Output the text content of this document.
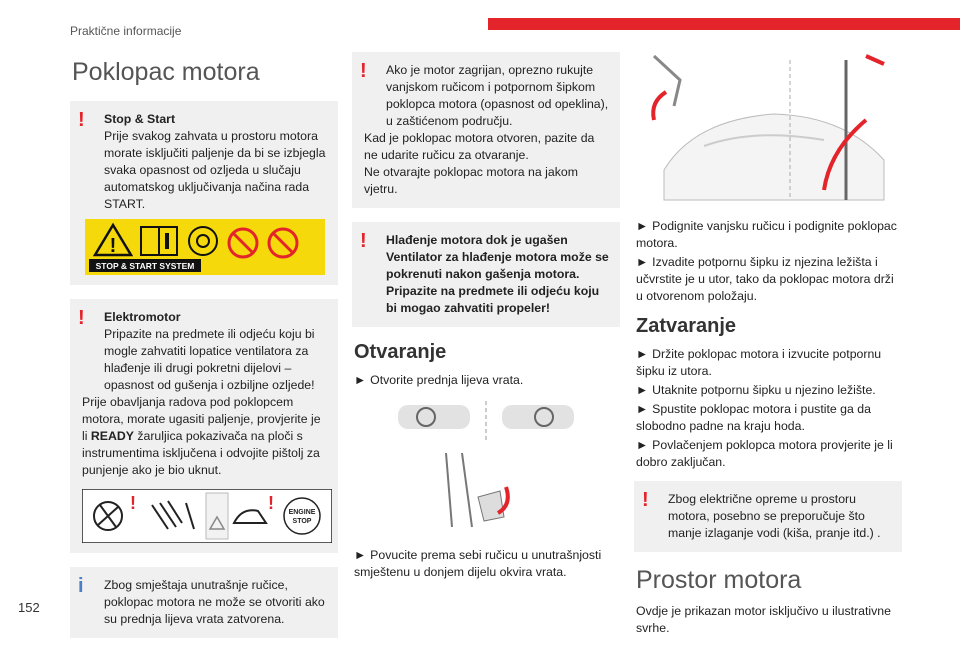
Praktične informacije
152
Poklopac motora
!	Stop & Start

Prije svakog zahvata u prostoru motora morate isključiti paljenje da bi se izbjegla svaka opasnost od ozljeda u slučaju automatskog uključivanja načina rada START.

!
STOP & START SYSTEM
!	Elektromotor

Pripazite na predmete ili odjeću koju bi mogle zahvatiti lopatice ventilatora za hlađenje ili drugi pokretni dijelovi – opasnost od gušenja i ozbiljne ozljede!

Prije obavljanja radova pod poklopcem motora, morate ugasiti paljenje, provjerite je li READY žaruljica pokazivača na ploči s instrumentima isključena i odvojite pištolj za punjenje ako je bio uknut.

!	! ENGINE
STOP
i	Zbog smještaja unutrašnje ručice, poklopac motora ne može se otvoriti ako su prednja lijeva vrata zatvorena.

!	Ako je motor zagrijan, oprezno rukujte vanjskom ručicom i potpornom šipkom poklopca motora (opasnost od opeklina), u zaštićenom području.

Kad je poklopac motora otvoren, pazite da ne udarite ručicu za otvaranje.

Ne otvarajte poklopac motora na jakom vjetru.

!	Hlađenje motora dok je ugašen Ventilator za hlađenje motora može se pokrenuti nakon gašenja motora. Pripazite na predmete ili odjeću koju bi mogao zahvatiti propeler!

Otvaranje

► Otvorite prednja lijeva vrata.

► Povucite prema sebi ručicu u unutrašnjosti smještenu u donjem dijelu okvira vrata.

► Podignite vanjsku ručicu i podignite poklopac motora.

► Izvadite potpornu šipku iz njezina ležišta i učvrstite je u utor, tako da poklopac motora drži u otvorenom položaju.

Zatvaranje

► Držite poklopac motora i izvucite potpornu šipku iz utora.

► Utaknite potpornu šipku u njezino ležište.

► Spustite poklopac motora i pustite ga da slobodno padne na kraju hoda.

► Povlačenjem poklopca motora provjerite je li dobro zaključan.

!	Zbog električne opreme u prostoru motora, posebno se preporučuje što manje izlaganje vodi (kiša, pranje itd.) .

Prostor motora

Ovdje je prikazan motor isključivo u ilustrativne svrhe.
